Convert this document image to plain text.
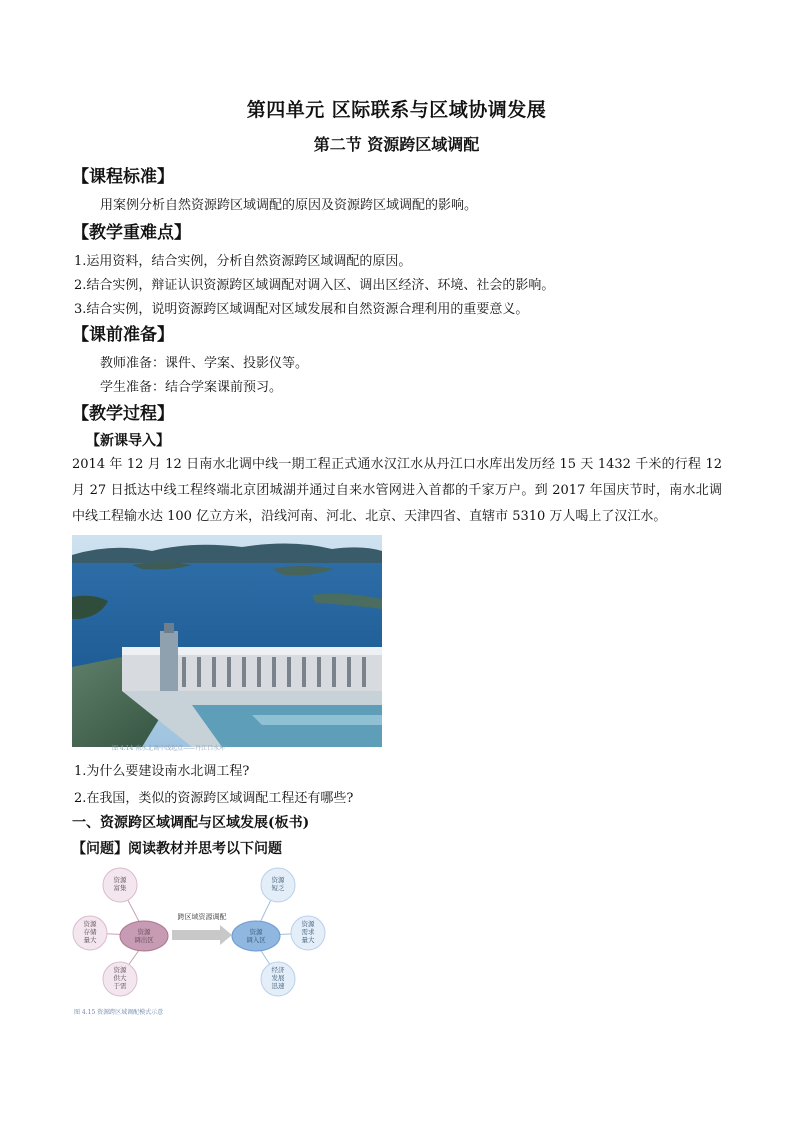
第四单元 区际联系与区域协调发展
第二节 资源跨区域调配
【课程标准】
用案例分析自然资源跨区域调配的原因及资源跨区域调配的影响。
【教学重难点】
1.运用资料，结合实例，分析自然资源跨区域调配的原因。
2.结合实例，辩证认识资源跨区域调配对调入区、调出区经济、环境、社会的影响。
3.结合实例，说明资源跨区域调配对区域发展和自然资源合理利用的重要意义。
【课前准备】
教师准备：课件、学案、投影仪等。
学生准备：结合学案课前预习。
【教学过程】
【新课导入】
2014 年 12 月 12 日南水北调中线一期工程正式通水汉江水从丹江口水库出发历经 15 天 1432 千米的行程 12 月 27 日抵达中线工程终端北京团城湖并通过自来水管网进入首都的千家万户。到 2017 年国庆节时，南水北调中线工程输水达 100 亿立方米，沿线河南、河北、北京、天津四省、直辖市 5310 万人喝上了汉江水。
图 4.14 南水北调中线起点——丹江口水库
1.为什么要建设南水北调工程?
2.在我国，类似的资源跨区域调配工程还有哪些?
一、资源跨区域调配与区域发展(板书)
【问题】阅读教材并思考以下问题
跨区域资源调配
资源调出区
资源富集
资源存储量大
资源供大于需
资源调入区
资源短乏
资源需求量大
经济发展迅速
图 4.15 资源跨区域调配模式示意
